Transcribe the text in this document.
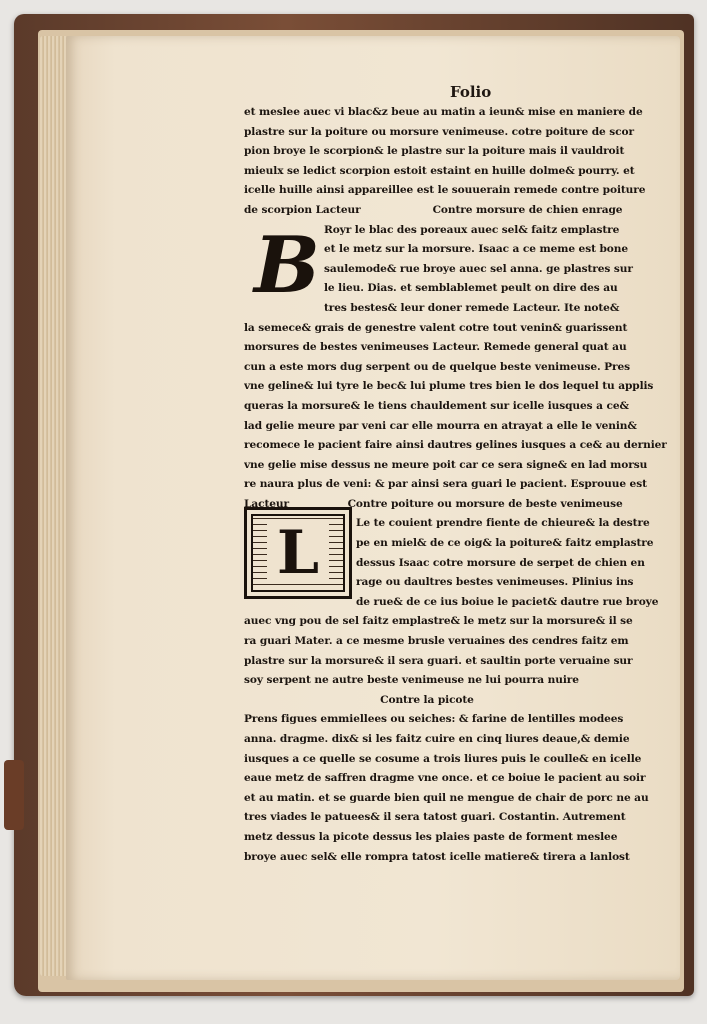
Folio
B
L
et meslee auec vi blac&z beue au matin a ieun& mise en maniere de
plastre sur la poiture ou morsure venimeuse. cotre poiture de scor
pion broye le scorpion& le plastre sur la poiture mais il vauldroit
mieulx se ledict scorpion estoit estaint en huille dolme& pourry. et
icelle huille ainsi appareillee est le souuerain remede contre poiture
de scorpion Lacteur	Contre morsure de chien enrage
Royr le blac des poreaux auec sel& faitz emplastre
et le metz sur la morsure. Isaac a ce meme est bone
saulemode& rue broye auec sel anna. ge plastres sur
le lieu. Dias. et semblablemet peult on dire des au
tres bestes& leur doner remede Lacteur. Ite note&
la semece& grais de genestre valent cotre tout venin& guarissent
morsures de bestes venimeuses Lacteur. Remede general quat au
cun a este mors dug serpent ou de quelque beste venimeuse. Pres
vne geline& lui tyre le bec& lui plume tres bien le dos lequel tu applis
queras la morsure& le tiens chauldement sur icelle iusques a ce&
lad gelie meure par veni car elle mourra en atrayat a elle le venin&
recomece le pacient faire ainsi dautres gelines iusques a ce& au dernier
vne gelie mise dessus ne meure poit car ce sera signe& en lad morsu
re naura plus de veni: & par ainsi sera guari le pacient. Esprouue est
Lacteur	Contre poiture ou morsure de beste venimeuse
Le te couient prendre fiente de chieure& la destre
pe en miel& de ce oig& la poiture& faitz emplastre
dessus Isaac cotre morsure de serpet de chien en
rage ou daultres bestes venimeuses. Plinius ins
de rue& de ce ius boiue le paciet& dautre rue broye
auec vng pou de sel faitz emplastre& le metz sur la morsure& il se
ra guari Mater. a ce mesme brusle veruaines des cendres faitz em
plastre sur la morsure& il sera guari. et saultin porte veruaine sur
soy serpent ne autre beste venimeuse ne lui pourra nuire
Contre la picote
Prens figues emmiellees ou seiches: & farine de lentilles modees
anna. dragme. dix& si les faitz cuire en cinq liures deaue,& demie
iusques a ce quelle se cosume a trois liures puis le coulle& en icelle
eaue metz de saffren dragme vne once. et ce boiue le pacient au soir
et au matin. et se guarde bien quil ne mengue de chair de porc ne au
tres viades le patuees& il sera tatost guari. Costantin. Autrement
metz dessus la picote dessus les plaies paste de forment meslee
broye auec sel& elle rompra tatost icelle matiere& tirera a lanlost
